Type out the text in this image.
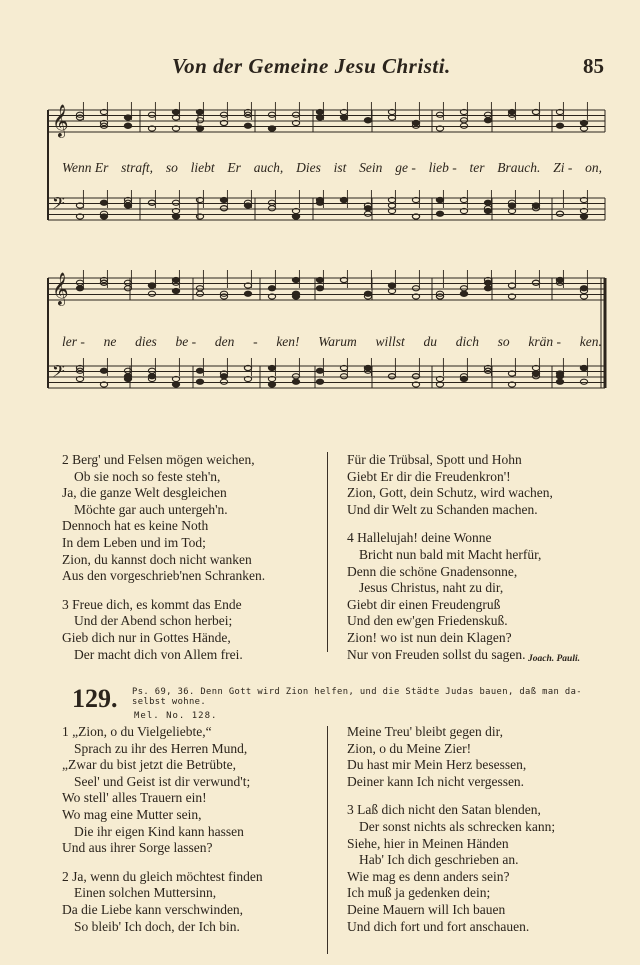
Von der Gemeine Jesu Christi.	85
𝄞
𝄢
Wenn Er straft, so liebt Er auch, Dies ist Sein ge - lieb - ter Brauch. Zi - on,
𝄞
𝄢
ler - ne dies be - den - ken! Warum willst du dich so krän - ken.
2 Berg' und Felsen mögen weichen,
Ob sie noch so feste steh'n,
Ja, die ganze Welt desgleichen
Möchte gar auch untergeh'n.
Dennoch hat es keine Noth
In dem Leben und im Tod;
Zion, du kannst doch nicht wanken
Aus den vorgeschrieb'nen Schranken.
3 Freue dich, es kommt das Ende
Und der Abend schon herbei;
Gieb dich nur in Gottes Hände,
Der macht dich von Allem frei.
Für die Trübsal, Spott und Hohn
Giebt Er dir die Freudenkron'!
Zion, Gott, dein Schutz, wird wachen,
Und dir Welt zu Schanden machen.
4 Hallelujah! deine Wonne
Bricht nun bald mit Macht herfür,
Denn die schöne Gnadensonne,
Jesus Christus, naht zu dir,
Giebt dir einen Freudengruß
Und den ew'gen Friedenskuß.
Zion! wo ist nun dein Klagen?
Nur von Freuden sollst du sagen. Joach. Pauli.
129. Ps. 69, 36. Denn Gott wird Zion helfen, und die Städte Judas bauen, daß man da-
selbst wohne.
Mel. No. 128.
1 „Zion, o du Vielgeliebte,“
Sprach zu ihr des Herren Mund,
„Zwar du bist jetzt die Betrübte,
Seel' und Geist ist dir verwund't;
Wo stell' alles Trauern ein!
Wo mag eine Mutter sein,
Die ihr eigen Kind kann hassen
Und aus ihrer Sorge lassen?
2 Ja, wenn du gleich möchtest finden
Einen solchen Muttersinn,
Da die Liebe kann verschwinden,
So bleib' Ich doch, der Ich bin.
Meine Treu' bleibt gegen dir,
Zion, o du Meine Zier!
Du hast mir Mein Herz besessen,
Deiner kann Ich nicht vergessen.
3 Laß dich nicht den Satan blenden,
Der sonst nichts als schrecken kann;
Siehe, hier in Meinen Händen
Hab' Ich dich geschrieben an.
Wie mag es denn anders sein?
Ich muß ja gedenken dein;
Deine Mauern will Ich bauen
Und dich fort und fort anschauen.
